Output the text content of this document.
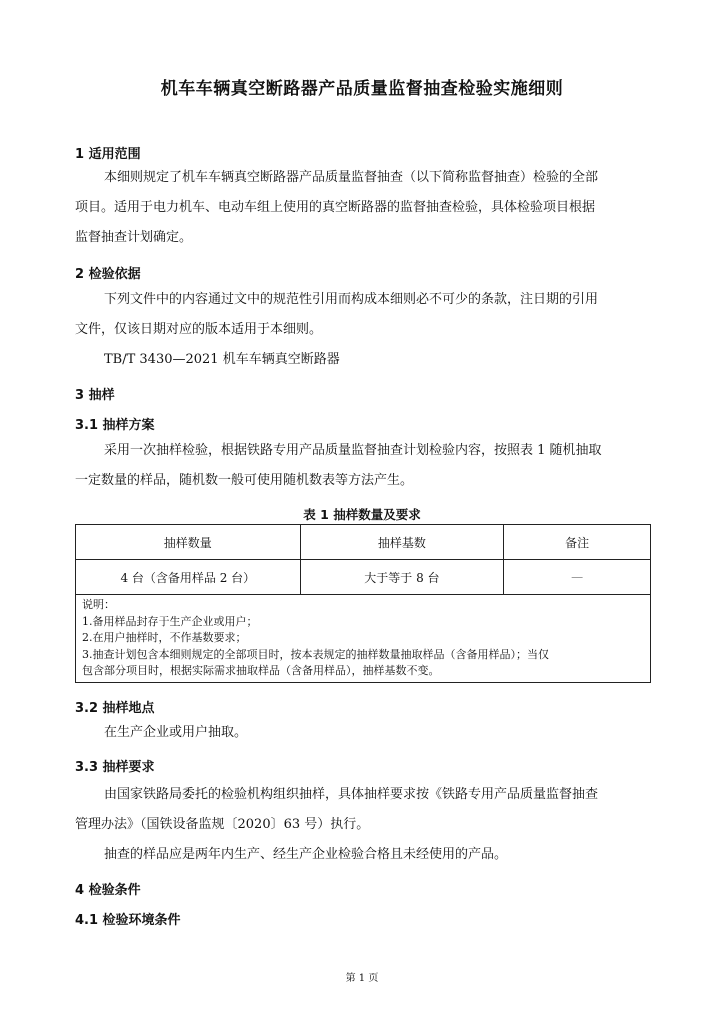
机车车辆真空断路器产品质量监督抽查检验实施细则
1 适用范围
本细则规定了机车车辆真空断路器产品质量监督抽查（以下简称监督抽查）检验的全部
项目。适用于电力机车、电动车组上使用的真空断路器的监督抽查检验，具体检验项目根据
监督抽查计划确定。
2 检验依据
下列文件中的内容通过文中的规范性引用而构成本细则必不可少的条款，注日期的引用
文件，仅该日期对应的版本适用于本细则。
TB/T 3430—2021 机车车辆真空断路器
3 抽样
3.1 抽样方案
采用一次抽样检验，根据铁路专用产品质量监督抽查计划检验内容，按照表 1 随机抽取
一定数量的样品，随机数一般可使用随机数表等方法产生。
表 1 抽样数量及要求
抽样数量	抽样基数	备注
4 台（含备用样品 2 台）	大于等于 8 台	—
说明：
1.备用样品封存于生产企业或用户；
2.在用户抽样时，不作基数要求；
3.抽查计划包含本细则规定的全部项目时，按本表规定的抽样数量抽取样品（含备用样品）；当仅
包含部分项目时，根据实际需求抽取样品（含备用样品），抽样基数不变。
3.2 抽样地点
在生产企业或用户抽取。
3.3 抽样要求
由国家铁路局委托的检验机构组织抽样，具体抽样要求按《铁路专用产品质量监督抽查
管理办法》（国铁设备监规〔2020〕63 号）执行。
抽查的样品应是两年内生产、经生产企业检验合格且未经使用的产品。
4 检验条件
4.1 检验环境条件
第 1 页
